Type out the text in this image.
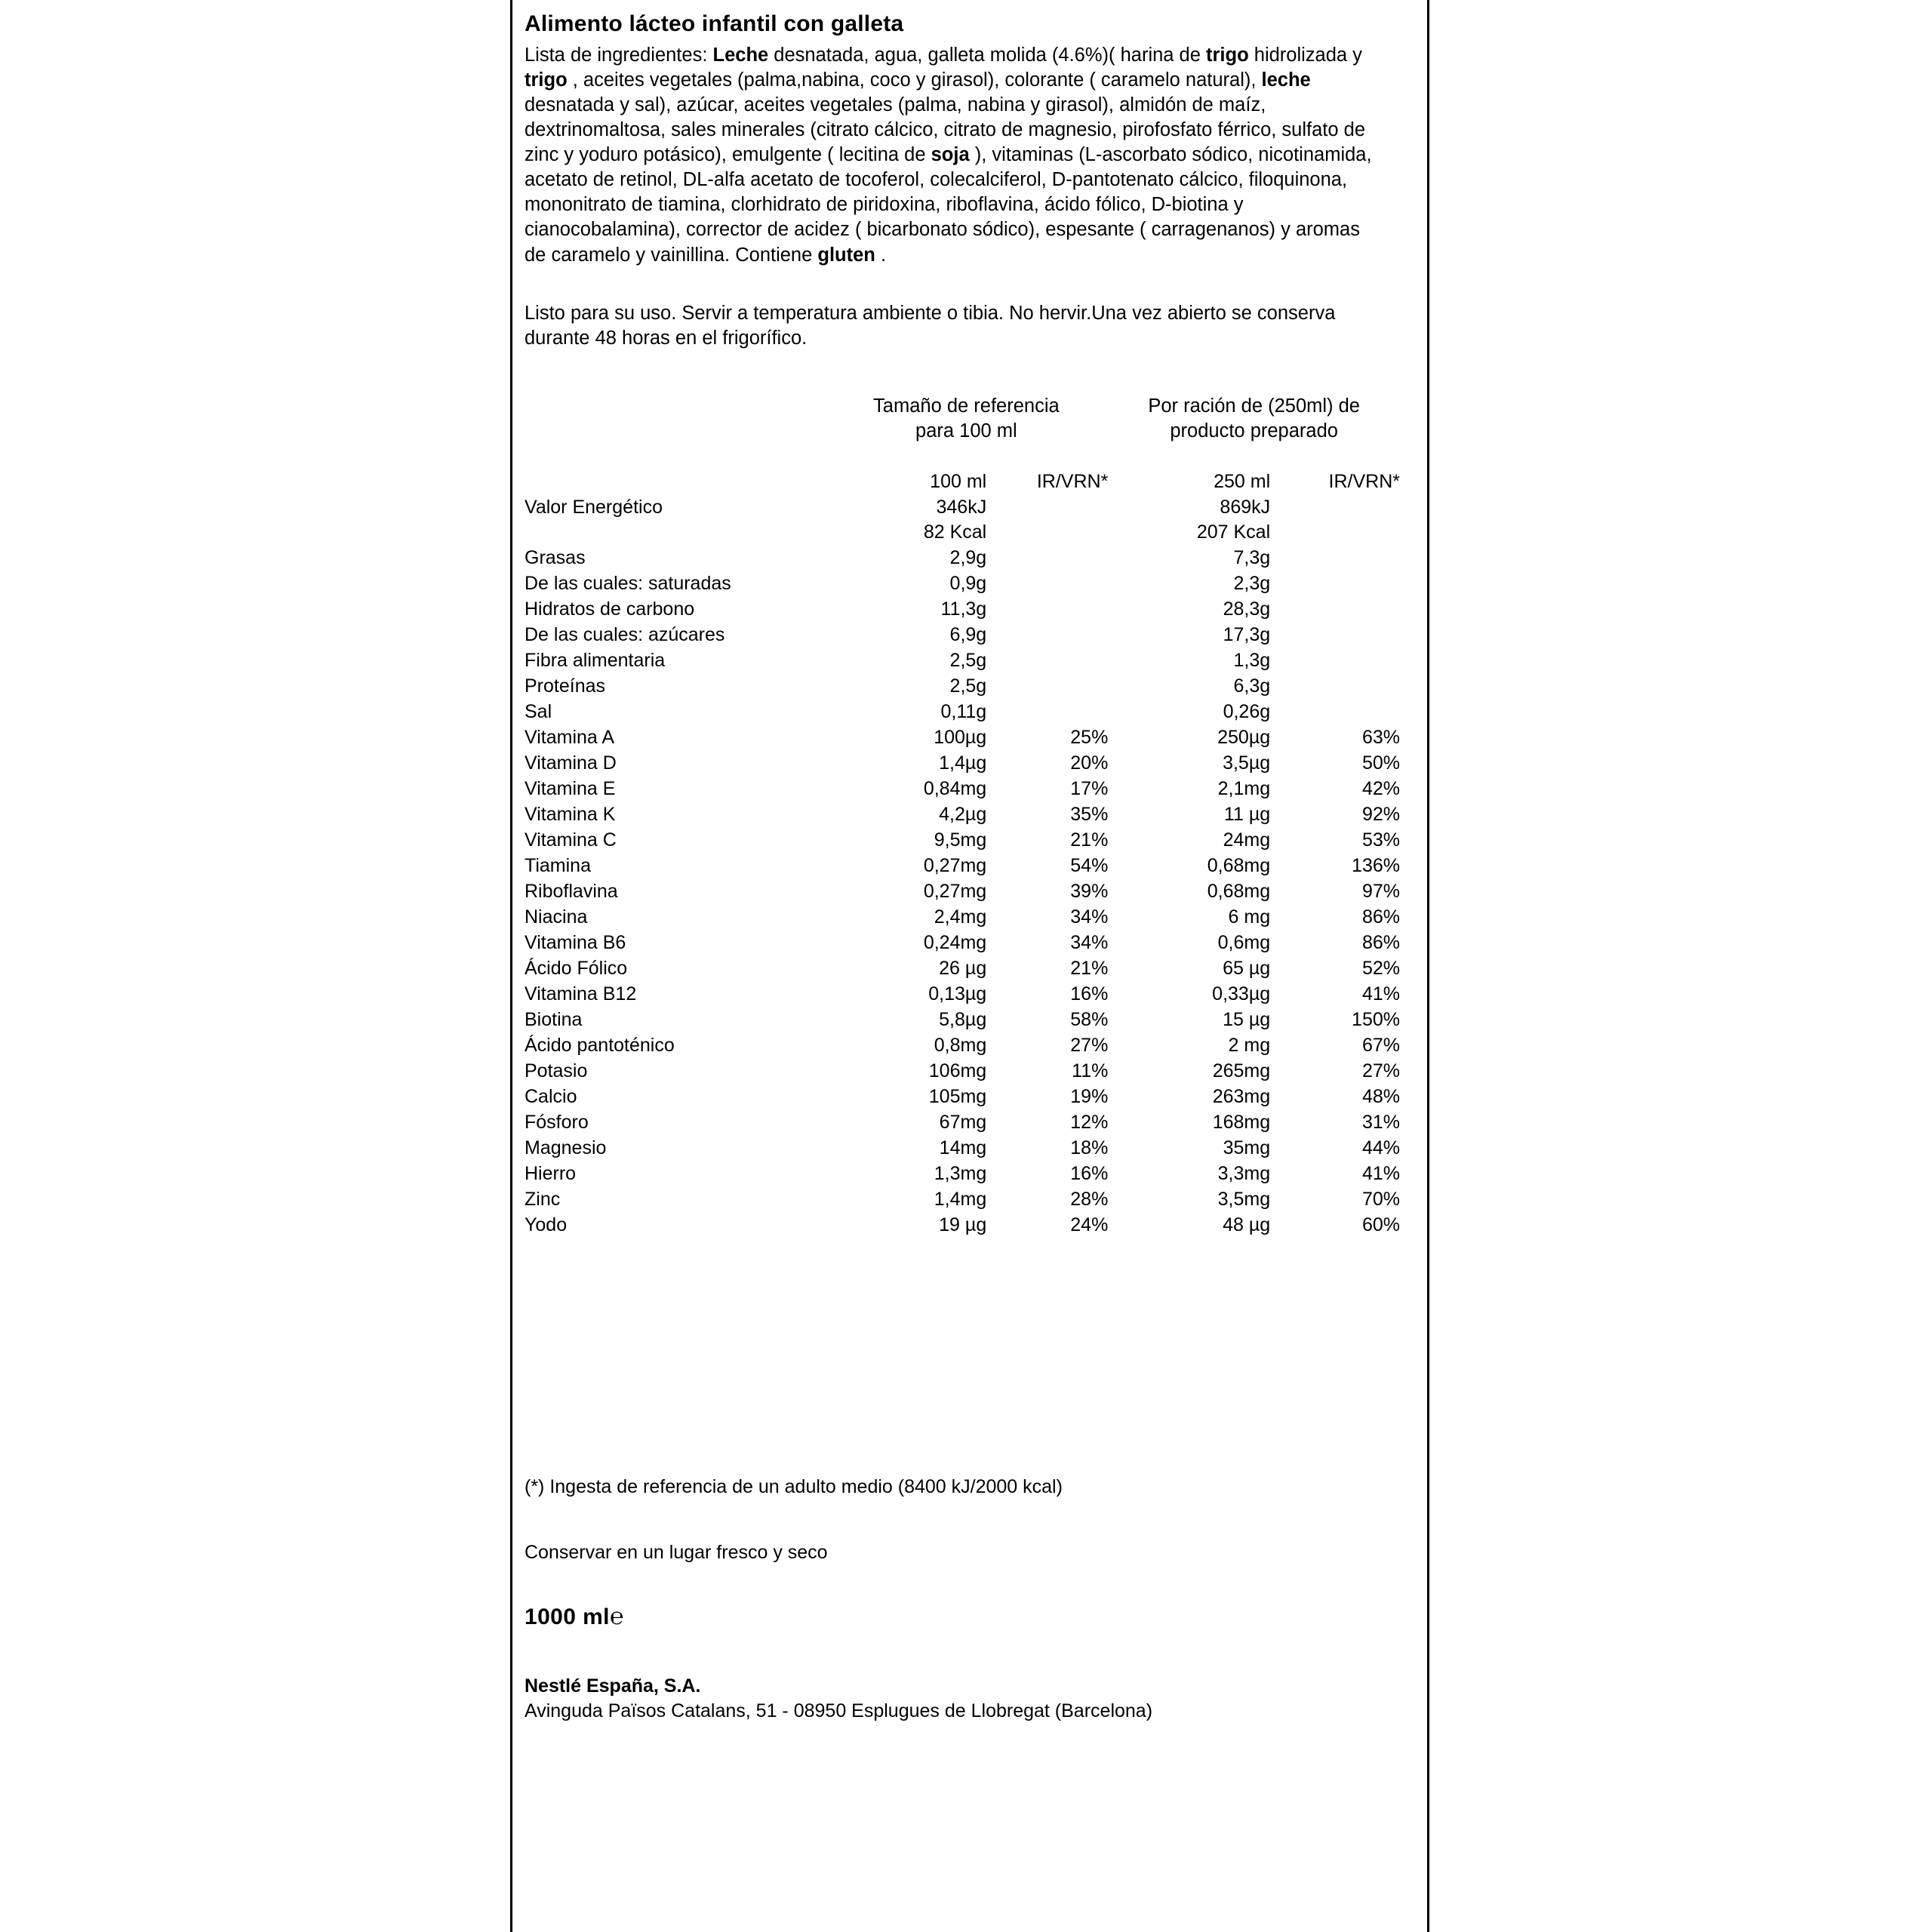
Alimento lácteo infantil con galleta
Lista de ingredientes: Leche desnatada, agua, galleta molida (4.6%)( harina de trigo hidrolizada y trigo , aceites vegetales (palma,nabina, coco y girasol), colorante ( caramelo natural), leche desnatada y sal), azúcar, aceites vegetales (palma, nabina y girasol), almidón de maíz, dextrinomaltosa, sales minerales (citrato cálcico, citrato de magnesio, pirofosfato férrico, sulfato de zinc y yoduro potásico), emulgente ( lecitina de soja ), vitaminas (L-ascorbato sódico, nicotinamida, acetato de retinol, DL-alfa acetato de tocoferol, colecalciferol, D-pantotenato cálcico, filoquinona, mononitrato de tiamina, clorhidrato de piridoxina, riboflavina, ácido fólico, D-biotina y cianocobalamina), corrector de acidez ( bicarbonato sódico), espesante ( carragenanos) y aromas de caramelo y vainillina. Contiene gluten .
Listo para su uso. Servir a temperatura ambiente o tibia. No hervir.Una vez abierto se conserva durante 48 horas en el frigorífico.

Tamaño de referencia
para 100 ml

Por ración de (250ml) de
producto preparado

	100 ml	IR/VRN*	250 ml	IR/VRN*
Valor Energético	346kJ		869kJ	
	82 Kcal		207 Kcal	
Grasas	2,9g		7,3g	
De las cuales: saturadas	0,9g		2,3g	
Hidratos de carbono	11,3g		28,3g	
De las cuales: azúcares	6,9g		17,3g	
Fibra alimentaria	2,5g		1,3g	
Proteínas	2,5g		6,3g	
Sal	0,11g		0,26g	
Vitamina A	100µg	25%	250µg	63%
Vitamina D	1,4µg	20%	3,5µg	50%
Vitamina E	0,84mg	17%	2,1mg	42%
Vitamina K	4,2µg	35%	11 µg	92%
Vitamina C	9,5mg	21%	24mg	53%
Tiamina	0,27mg	54%	0,68mg	136%
Riboflavina	0,27mg	39%	0,68mg	97%
Niacina	2,4mg	34%	6 mg	86%
Vitamina B6	0,24mg	34%	0,6mg	86%
Ácido Fólico	26 µg	21%	65 µg	52%
Vitamina B12	0,13µg	16%	0,33µg	41%
Biotina	5,8µg	58%	15 µg	150%
Ácido pantoténico	0,8mg	27%	2 mg	67%
Potasio	106mg	11%	265mg	27%
Calcio	105mg	19%	263mg	48%
Fósforo	67mg	12%	168mg	31%
Magnesio	14mg	18%	35mg	44%
Hierro	1,3mg	16%	3,3mg	41%
Zinc	1,4mg	28%	3,5mg	70%
Yodo	19 µg	24%	48 µg	60%
(*) Ingesta de referencia de un adulto medio (8400 kJ/2000 kcal)
Conservar en un lugar fresco y seco
1000 ml℮
Nestlé España, S.A.
Avinguda Països Catalans, 51 - 08950 Esplugues de Llobregat (Barcelona)
